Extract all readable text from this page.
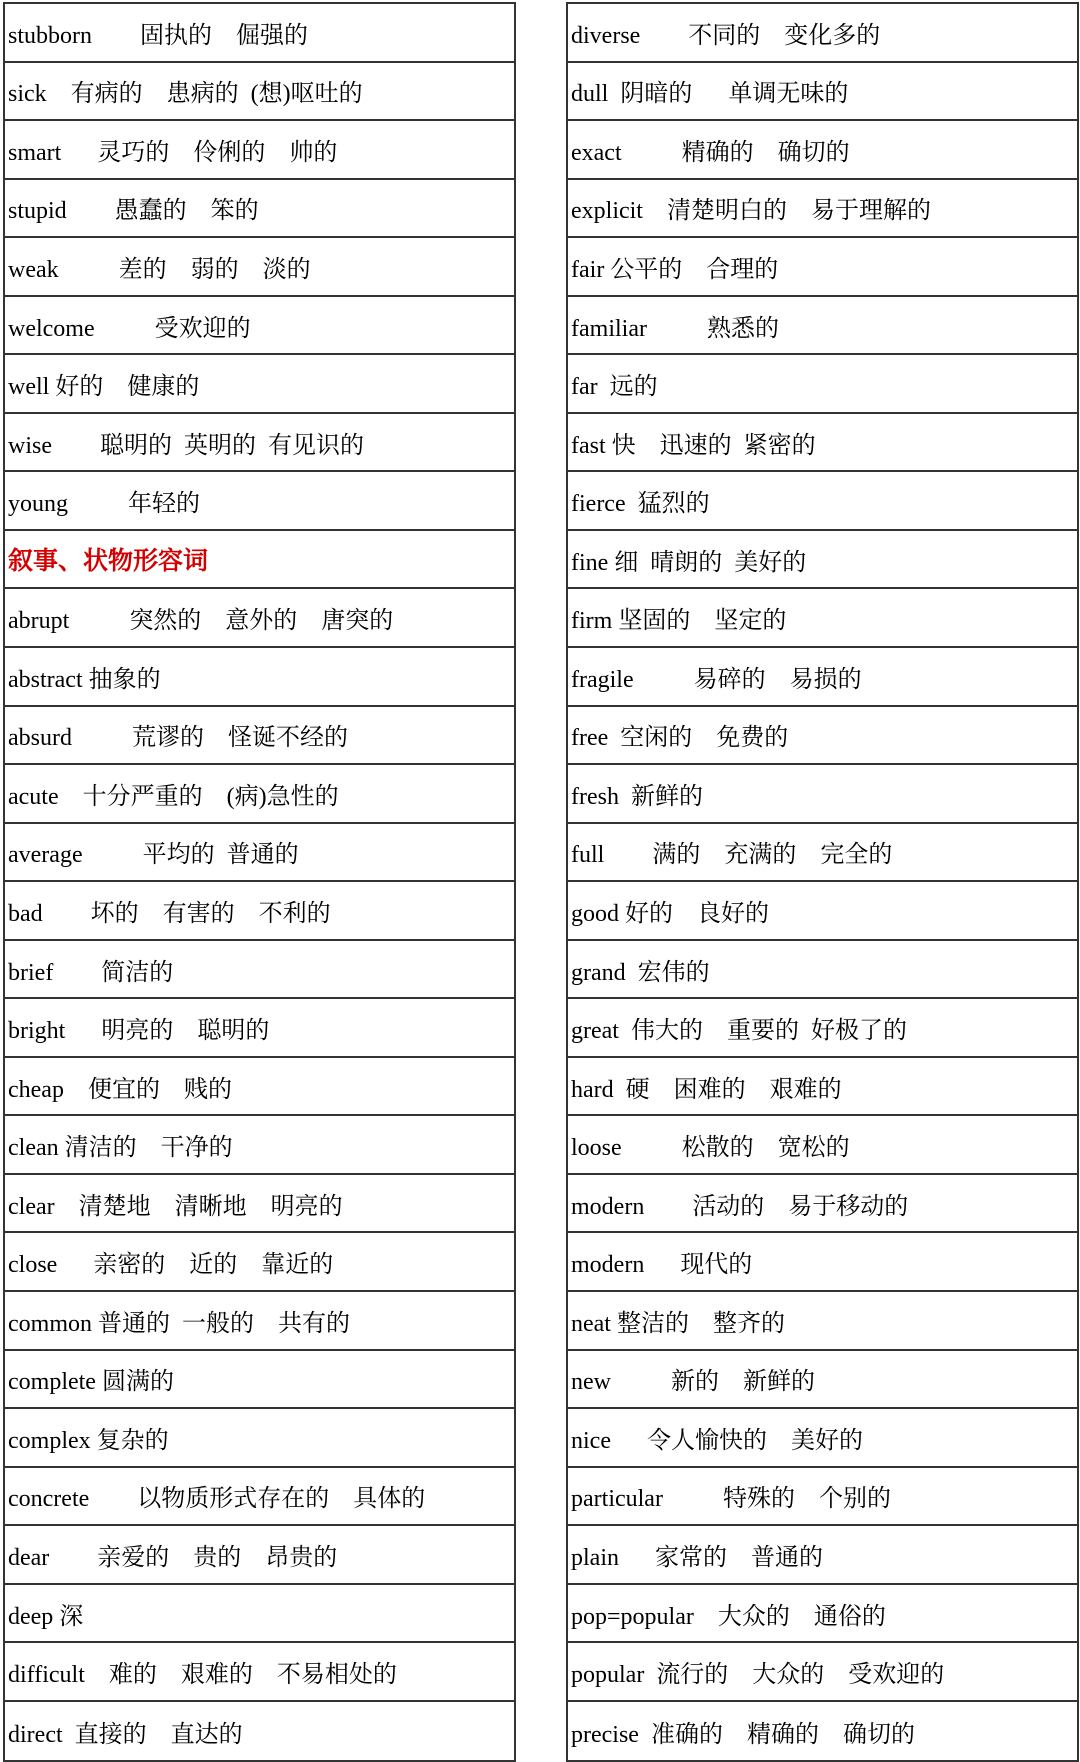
stubborn        固执的    倔强的
sick    有病的    患病的  (想)呕吐的
smart      灵巧的    伶俐的    帅的
stupid        愚蠢的    笨的
weak          差的    弱的    淡的
welcome          受欢迎的
well 好的    健康的
wise        聪明的  英明的  有见识的
young          年轻的
叙事、状物形容词
abrupt          突然的    意外的    唐突的
abstract 抽象的
absurd          荒谬的    怪诞不经的
acute    十分严重的    (病)急性的
average          平均的  普通的
bad        坏的    有害的    不利的
brief        简洁的
bright      明亮的    聪明的
cheap    便宜的    贱的
clean 清洁的    干净的
clear    清楚地    清晰地    明亮的
close      亲密的    近的    靠近的
common 普通的  一般的    共有的
complete 圆满的
complex 复杂的
concrete        以物质形式存在的    具体的
dear        亲爱的    贵的    昂贵的
deep 深
difficult    难的    艰难的    不易相处的
direct  直接的    直达的
diverse        不同的    变化多的
dull  阴暗的      单调无味的
exact          精确的    确切的
explicit    清楚明白的    易于理解的
fair 公平的    合理的
familiar          熟悉的
far  远的
fast 快    迅速的  紧密的
fierce  猛烈的
fine 细  晴朗的  美好的
firm 坚固的    坚定的
fragile          易碎的    易损的
free  空闲的    免费的
fresh  新鲜的
full        满的    充满的    完全的
good 好的    良好的
grand  宏伟的
great  伟大的    重要的  好极了的
hard  硬    困难的    艰难的
loose          松散的    宽松的
modern        活动的    易于移动的
modern      现代的
neat 整洁的    整齐的
new          新的    新鲜的
nice      令人愉快的    美好的
particular          特殊的    个别的
plain      家常的    普通的
pop=popular    大众的    通俗的
popular  流行的    大众的    受欢迎的
precise  准确的    精确的    确切的
